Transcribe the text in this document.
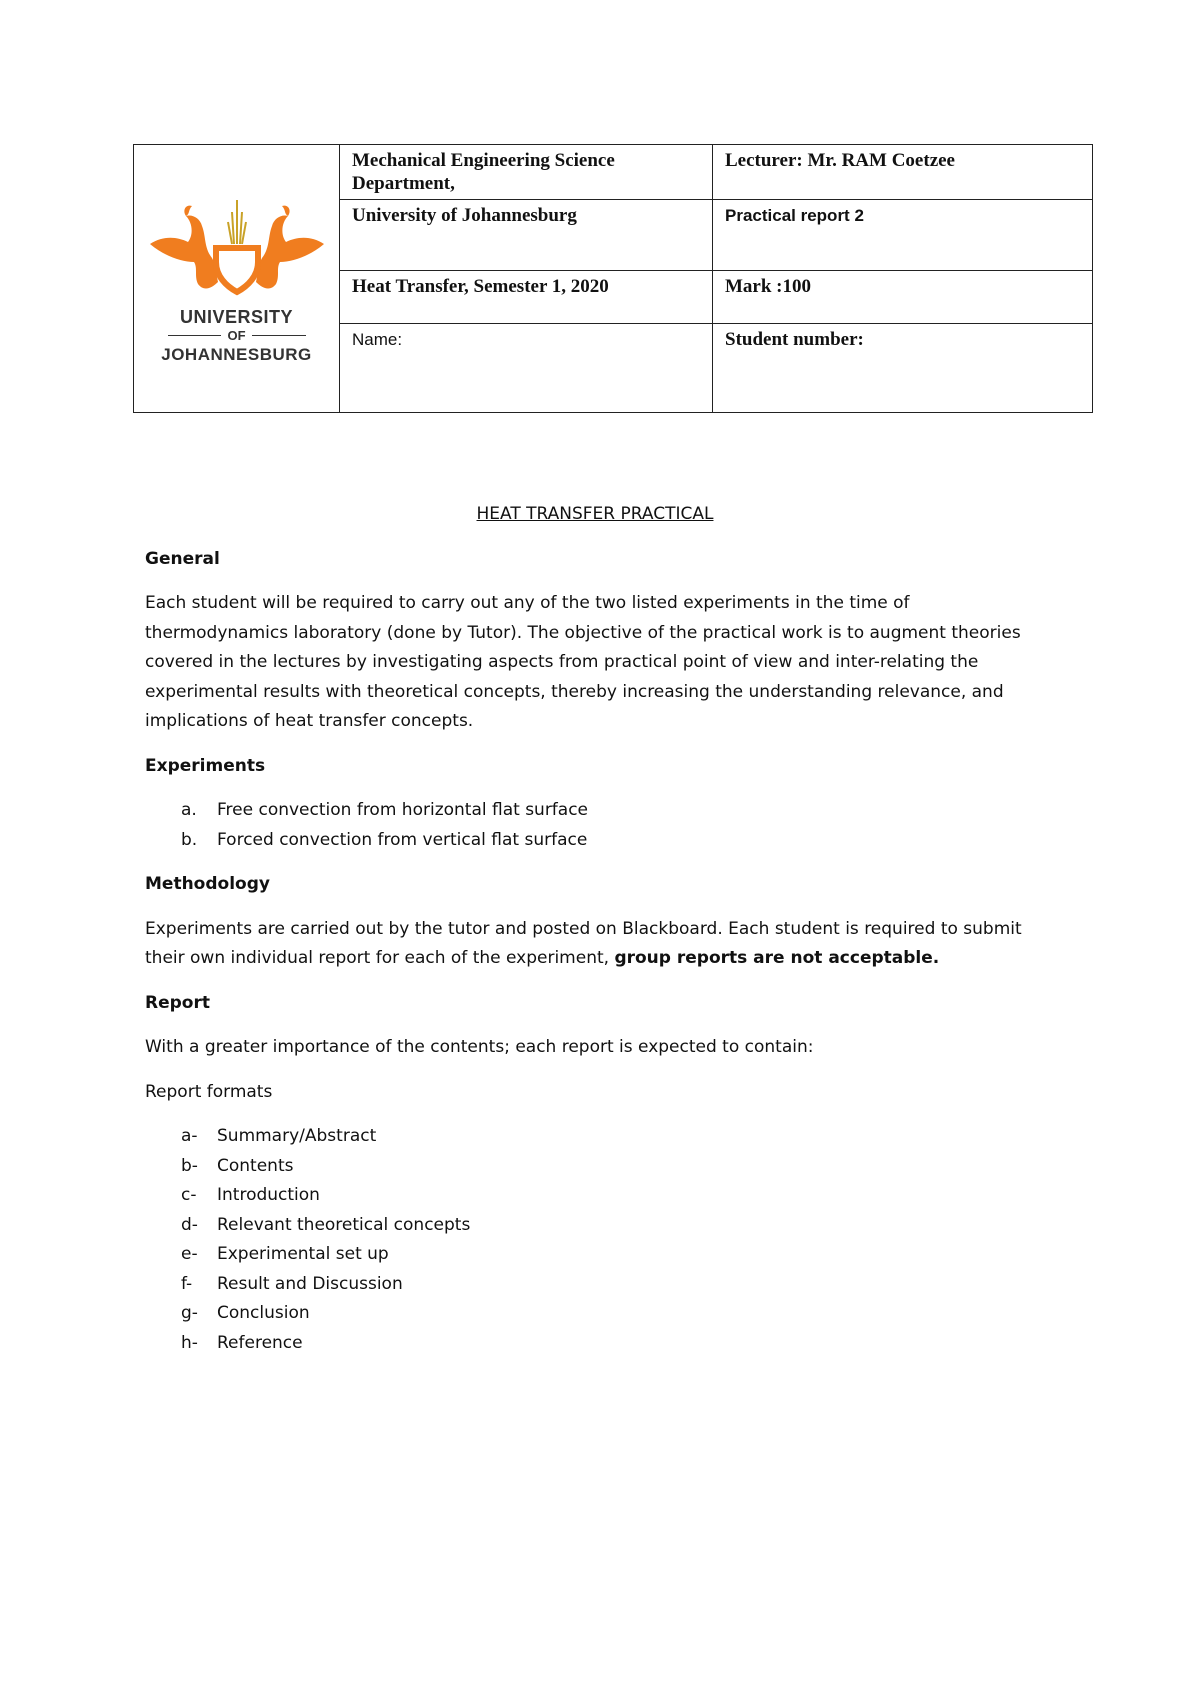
UNIVERSITY
OF
JOHANNESBURG	Mechanical Engineering Science Department,	Lecturer: Mr. RAM Coetzee
	University of Johannesburg	Practical report 2
	Heat Transfer, Semester 1, 2020	Mark :100
	Name:	Student number:
HEAT TRANSFER PRACTICAL
General

Each student will be required to carry out any of the two listed experiments in the time of thermodynamics laboratory (done by Tutor). The objective of the practical work is to augment theories covered in the lectures by investigating aspects from practical point of view and inter-relating the experimental results with theoretical concepts, thereby increasing the understanding relevance, and implications of heat transfer concepts.

Experiments
a.	Free convection from horizontal flat surface
b.	Forced convection from vertical flat surface
Methodology

Experiments are carried out by the tutor and posted on Blackboard. Each student is required to submit their own individual report for each of the experiment, group reports are not acceptable.

Report

With a greater importance of the contents; each report is expected to contain:

Report formats

a-	Summary/Abstract
b-	Contents
c-	Introduction
d-	Relevant theoretical concepts
e-	Experimental set up
f-	Result and Discussion
g-	Conclusion
h-	Reference
